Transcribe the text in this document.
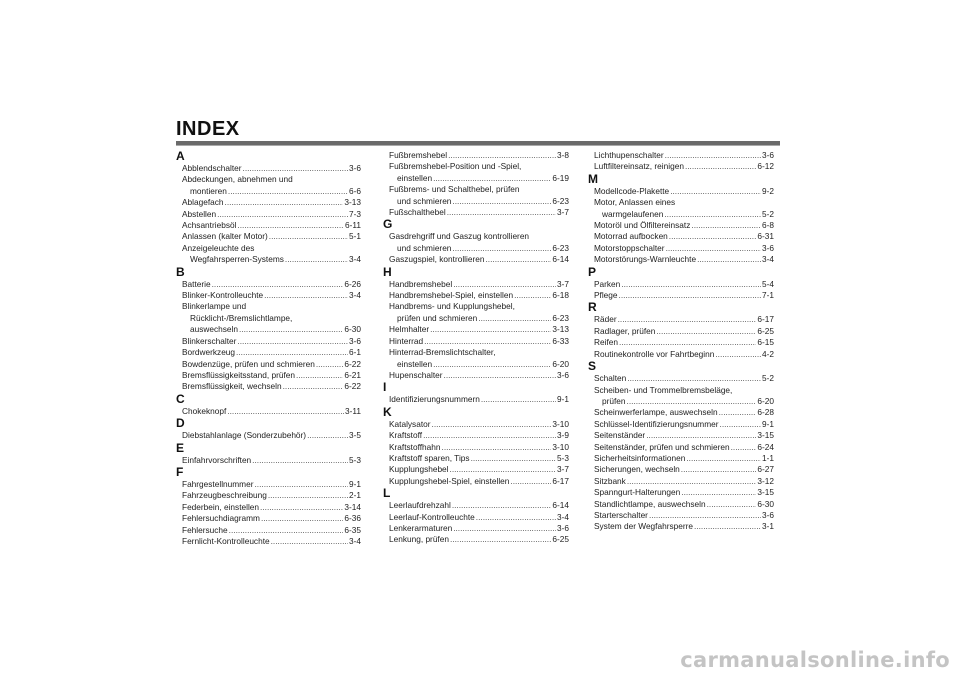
INDEX
A
Abblendschalter .....	3-6
Abdeckungen, abnehmen und
montieren .....	6-6
Ablagefach .....	3-13
Abstellen .....	7-3
Achsantriebsöl .....	6-11
Anlassen (kalter Motor) .....	5-1
Anzeigeleuchte des
Wegfahrsperren-Systems .....	3-4
B
Batterie .....	6-26
Blinker-Kontrolleuchte .....	3-4
Blinkerlampe und
Rücklicht-/Bremslichtlampe,
auswechseln .....	6-30
Blinkerschalter .....	3-6
Bordwerkzeug .....	6-1
Bowdenzüge, prüfen und schmieren .....	6-22
Bremsflüssigkeitsstand, prüfen .....	6-21
Bremsflüssigkeit, wechseln .....	6-22
C
Chokeknopf .....	3-11
D
Diebstahlanlage (Sonderzubehör) .....	3-5
E
Einfahrvorschriften .....	5-3
F
Fahrgestellnummer .....	9-1
Fahrzeugbeschreibung .....	2-1
Federbein, einstellen .....	3-14
Fehlersuchdiagramm .....	6-36
Fehlersuche .....	6-35
Fernlicht-Kontrolleuchte .....	3-4
Fußbremshebel .....	3-8
Fußbremshebel-Position und -Spiel,
einstellen .....	6-19
Fußbrems- und Schalthebel, prüfen
und schmieren .....	6-23
Fußschalthebel .....	3-7
G
Gasdrehgriff und Gaszug kontrollieren
und schmieren .....	6-23
Gaszugspiel, kontrollieren .....	6-14
H
Handbremshebel .....	3-7
Handbremshebel-Spiel, einstellen .....	6-18
Handbrems- und Kupplungshebel,
prüfen und schmieren .....	6-23
Helmhalter .....	3-13
Hinterrad .....	6-33
Hinterrad-Bremslichtschalter,
einstellen .....	6-20
Hupenschalter .....	3-6
I
Identifizierungsnummern .....	9-1
K
Katalysator .....	3-10
Kraftstoff .....	3-9
Kraftstoffhahn .....	3-10
Kraftstoff sparen, Tips .....	5-3
Kupplungshebel .....	3-7
Kupplungshebel-Spiel, einstellen .....	6-17
L
Leerlaufdrehzahl .....	6-14
Leerlauf-Kontrolleuchte .....	3-4
Lenkerarmaturen .....	3-6
Lenkung, prüfen .....	6-25
Lichthupenschalter .....	3-6
Luftfiltereinsatz, reinigen .....	6-12
M
Modellcode-Plakette .....	9-2
Motor, Anlassen eines
warmgelaufenen .....	5-2
Motoröl und Ölfiltereinsatz .....	6-8
Motorrad aufbocken .....	6-31
Motorstoppschalter .....	3-6
Motorstörungs-Warnleuchte .....	3-4
P
Parken .....	5-4
Pflege .....	7-1
R
Räder .....	6-17
Radlager, prüfen .....	6-25
Reifen .....	6-15
Routinekontrolle vor Fahrtbeginn .....	4-2
S
Schalten .....	5-2
Scheiben- und Trommelbremsbeläge,
prüfen .....	6-20
Scheinwerferlampe, auswechseln .....	6-28
Schlüssel-Identifizierungsnummer .....	9-1
Seitenständer .....	3-15
Seitenständer, prüfen und schmieren .....	6-24
Sicherheitsinformationen .....	1-1
Sicherungen, wechseln .....	6-27
Sitzbank .....	3-12
Spanngurt-Halterungen .....	3-15
Standlichtlampe, auswechseln .....	6-30
Starterschalter .....	3-6
System der Wegfahrsperre .....	3-1
carmanualsonline.info
